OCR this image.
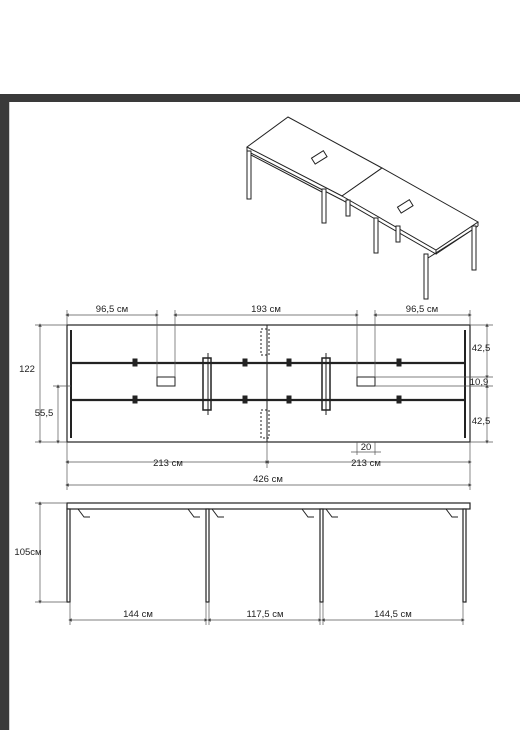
96,5 см	193 см	96,5 см
122
55,5
42,5
10,9
42,5
20
213 см	213 см
426 см
105см
144 см	117,5 см	144,5 см
